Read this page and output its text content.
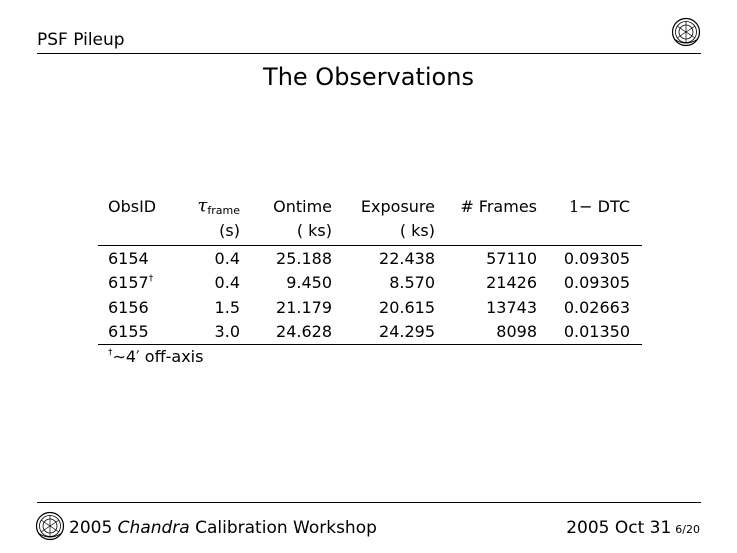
PSF Pileup
The Observations
ObsID	τframe	Ontime	Exposure	# Frames	1− DTC	
	(s)	( ks)	( ks)			
6154	0.4	25.188	22.438	57110	0.09305	
6157†	0.4	9.450	8.570	21426	0.09305	
6156	1.5	21.179	20.615	13743	0.02663	
6155	3.0	24.628	24.295	8098	0.01350	
†∼4′ off-axis
2005 Chandra Calibration Workshop	2005 Oct 31 6/20
